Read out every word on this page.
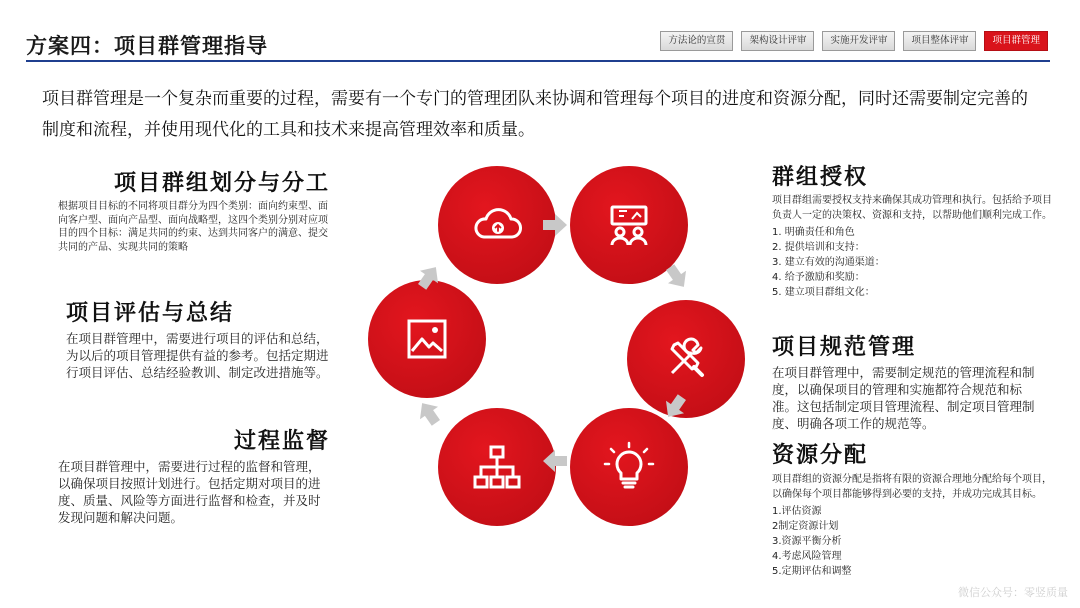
方案四：项目群管理指导	方法论的宣贯	架构设计评审	实施开发评审	项目整体评审	项目群管理
项目群管理是一个复杂而重要的过程，需要有一个专门的管理团队来协调和管理每个项目的进度和资源分配，同时还需要制定完善的制度和流程，并使用现代化的工具和技术来提高管理效率和质量。
项目群组划分与分工

根据项目目标的不同将项目群分为四个类别：面向约束型、面向客户型、面向产品型、面向战略型，这四个类别分别对应项目的四个目标：满足共同的约束、达到共同客户的满意、提交共同的产品、实现共同的策略

项目评估与总结

在项目群管理中，需要进行项目的评估和总结，为以后的项目管理提供有益的参考。包括定期进行项目评估、总结经验教训、制定改进措施等。

过程监督

在项目群管理中，需要进行过程的监督和管理，以确保项目按照计划进行。包括定期对项目的进度、质量、风险等方面进行监督和检查，并及时发现问题和解决问题。

群组授权

项目群组需要授权支持来确保其成功管理和执行。包括给予项目负责人一定的决策权、资源和支持，以帮助他们顺利完成工作。

1. 明确责任和角色
2. 提供培训和支持：
3. 建立有效的沟通渠道：
4. 给予激励和奖励：
5. 建立项目群组文化：
项目规范管理

在项目群管理中，需要制定规范的管理流程和制度，以确保项目的管理和实施都符合规范和标准。这包括制定项目管理流程、制定项目管理制度、明确各项工作的规范等。

资源分配

项目群组的资源分配是指将有限的资源合理地分配给每个项目，以确保每个项目都能够得到必要的支持，并成功完成其目标。

1.评估资源
2制定资源计划
3.资源平衡分析
4.考虑风险管理
5.定期评估和调整
微信公众号：零竖质量
